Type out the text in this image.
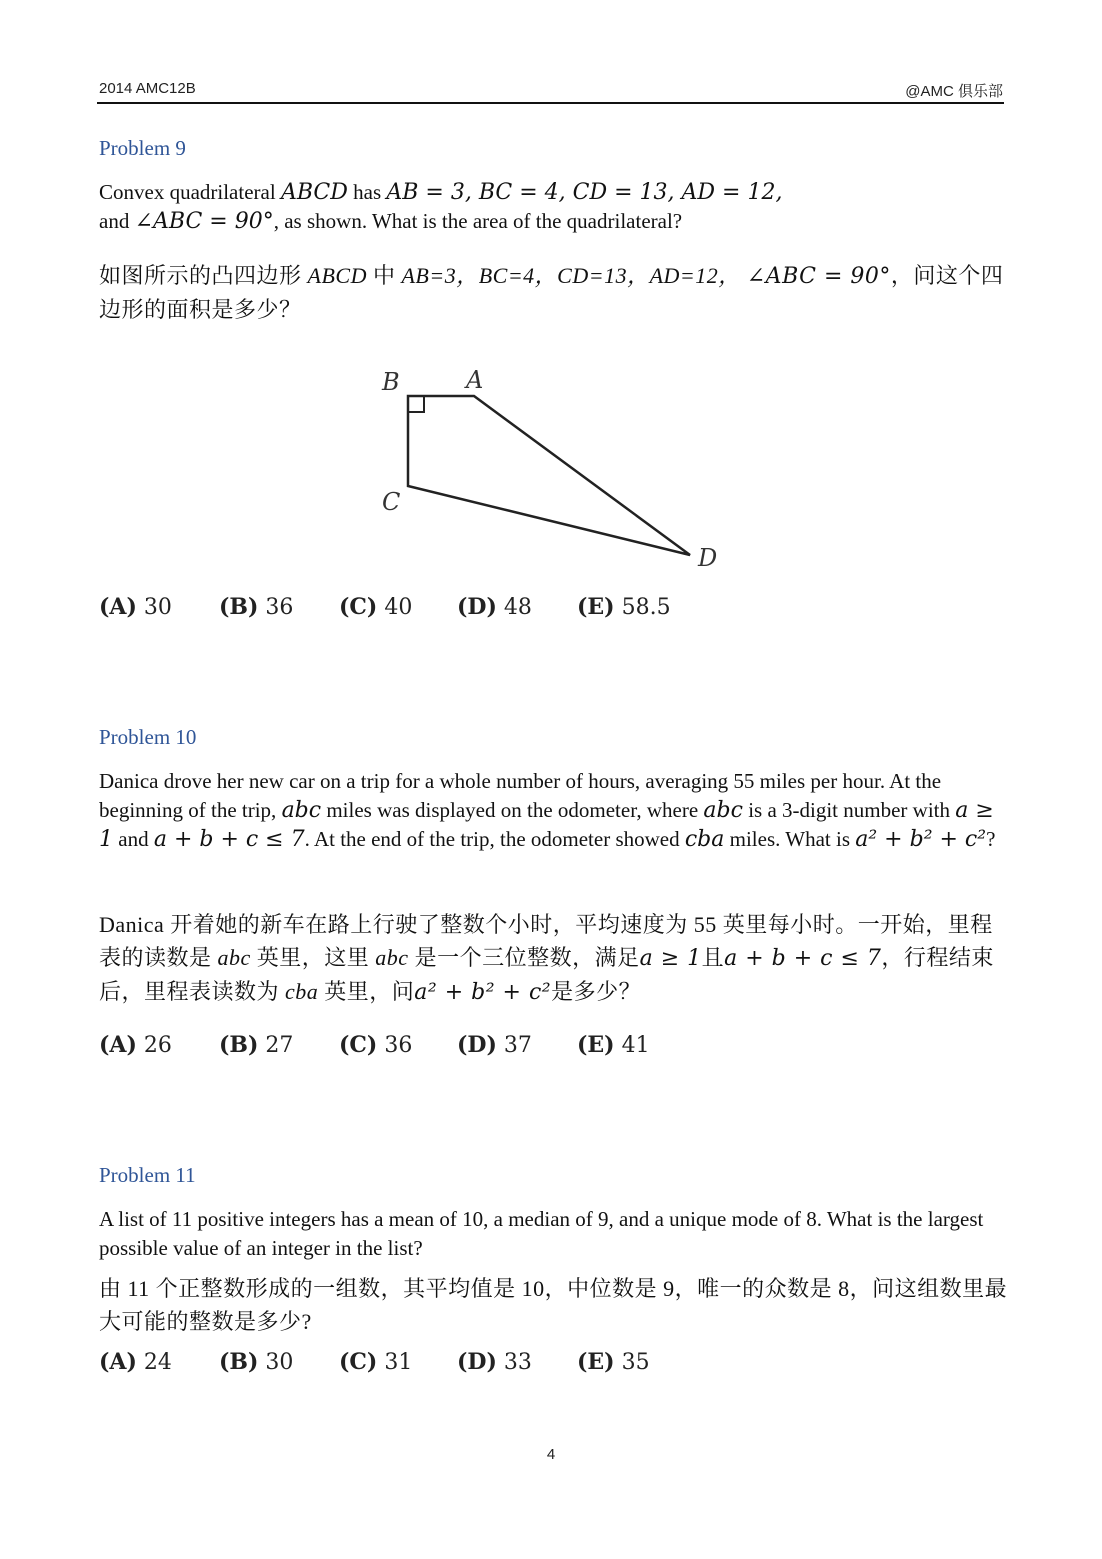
2014 AMC12B	@AMC 俱乐部
Problem 9
Convex quadrilateral ABCD has AB = 3, BC = 4, CD = 13, AD = 12,
and ∠ABC = 90°, as shown. What is the area of the quadrilateral?
如图所示的凸四边形 ABCD 中 AB=3，BC=4，CD=13，AD=12， ∠ABC = 90°，问这个四边形的面积是多少？
B	A
C
D
(A) 30 (B) 36 (C) 40 (D) 48 (E) 58.5
Problem 10
Danica drove her new car on a trip for a whole number of hours, averaging 55 miles per hour. At the beginning of the trip, abc miles was displayed on the odometer, where abc is a 3-digit number with a ≥ 1 and a + b + c ≤ 7. At the end of the trip, the odometer showed cba miles. What is a² + b² + c²?
Danica 开着她的新车在路上行驶了整数个小时，平均速度为 55 英里每小时。一开始，里程表的读数是 abc 英里，这里 abc 是一个三位整数，满足a ≥ 1且a + b + c ≤ 7，行程结束后，里程表读数为 cba 英里，问a² + b² + c²是多少？
(A) 26 (B) 27 (C) 36 (D) 37 (E) 41
Problem 11
A list of 11 positive integers has a mean of 10, a median of 9, and a unique mode of 8. What is the largest possible value of an integer in the list?
由 11 个正整数形成的一组数，其平均值是 10，中位数是 9，唯一的众数是 8，问这组数里最大可能的整数是多少?
(A) 24 (B) 30 (C) 31 (D) 33 (E) 35
4
